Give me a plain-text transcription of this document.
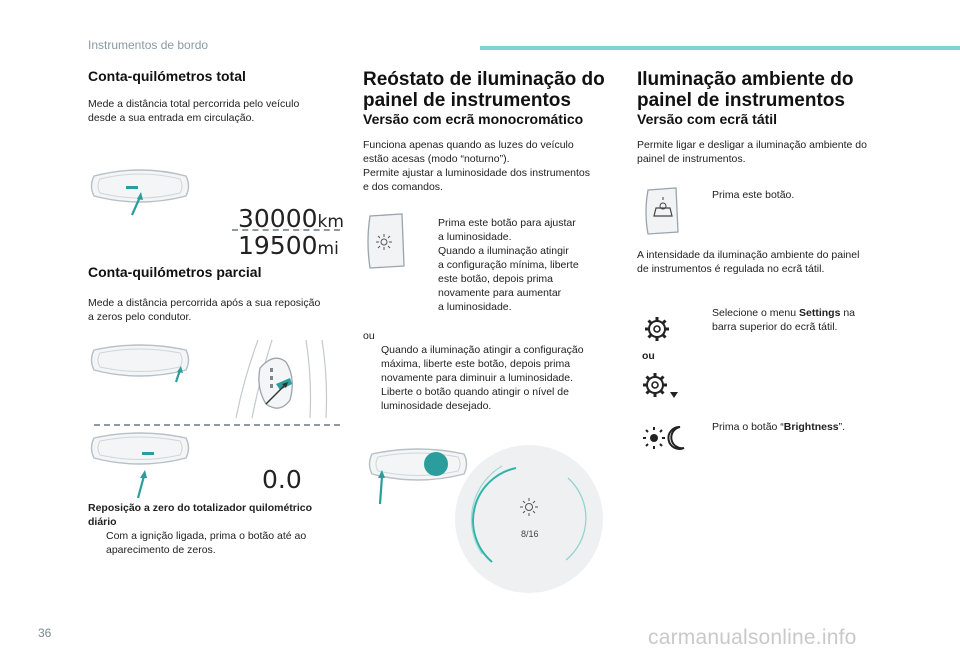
Instrumentos de bordo
36	carmanualsonline.info
Conta-quilómetros total
Mede a distância total percorrida pelo veículo
desde a sua entrada em circulação.
30000km
19500mi
Conta-quilómetros parcial
Mede a distância percorrida após a sua reposição
a zeros pelo condutor.
0.0
Reposição a zero do totalizador quilométrico
diário
Com a ignição ligada, prima o botão até ao
aparecimento de zeros.
Reóstato de iluminação do
painel de instrumentos
Versão com ecrã monocromático
Funciona apenas quando as luzes do veículo
estão acesas (modo “noturno”).
Permite ajustar a luminosidade dos instrumentos
e dos comandos.
Prima este botão para ajustar
a luminosidade.
Quando a iluminação atingir
a configuração mínima, liberte
este botão, depois prima
novamente para aumentar
a luminosidade.
ou
Quando a iluminação atingir a configuração
máxima, liberte este botão, depois prima
novamente para diminuir a luminosidade.
Liberte o botão quando atingir o nível de
luminosidade desejado.
8/16
Iluminação ambiente do
painel de instrumentos
Versão com ecrã tátil
Permite ligar e desligar a iluminação ambiente do
painel de instrumentos.
Prima este botão.
A intensidade da iluminação ambiente do painel
de instrumentos é regulada no ecrã tátil.
Selecione o menu Settings na
barra superior do ecrã tátil.
ou
Prima o botão “Brightness”.
